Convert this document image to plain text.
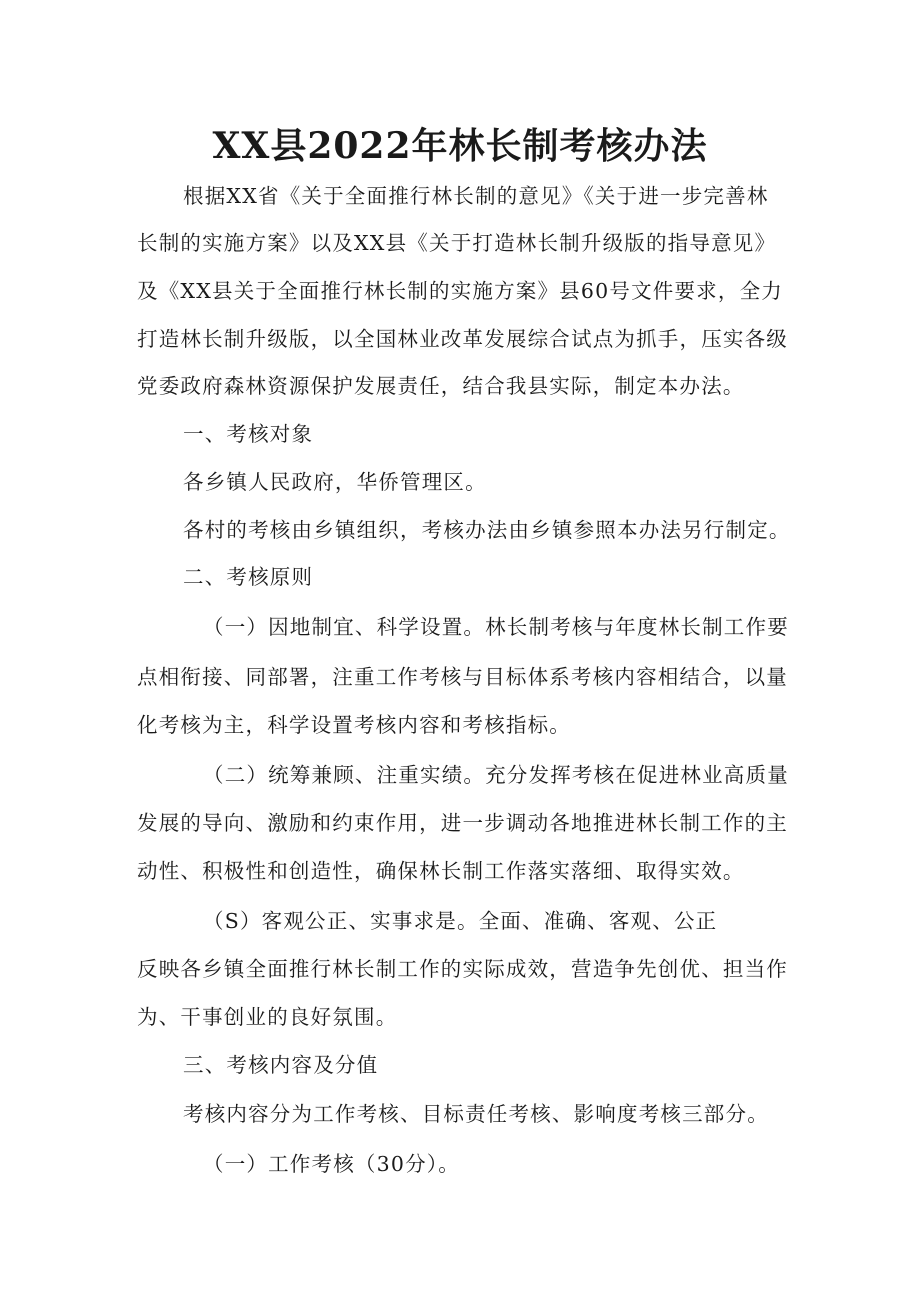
XX县2022年林长制考核办法

根据XX省《关于全面推行林长制的意见》《关于进一步完善林

长制的实施方案》以及XX县《关于打造林长制升级版的指导意见》

及《XX县关于全面推行林长制的实施方案》县60号文件要求，全力

打造林长制升级版，以全国林业改革发展综合试点为抓手，压实各级

党委政府森林资源保护发展责任，结合我县实际，制定本办法。

一、考核对象

各乡镇人民政府，华侨管理区。

各村的考核由乡镇组织，考核办法由乡镇参照本办法另行制定。

二、考核原则

（一）因地制宜、科学设置。林长制考核与年度林长制工作要

点相衔接、同部署，注重工作考核与目标体系考核内容相结合，以量

化考核为主，科学设置考核内容和考核指标。

（二）统筹兼顾、注重实绩。充分发挥考核在促进林业高质量

发展的导向、激励和约束作用，进一步调动各地推进林长制工作的主

动性、积极性和创造性，确保林长制工作落实落细、取得实效。

（S）客观公正、实事求是。全面、准确、客观、公正

反映各乡镇全面推行林长制工作的实际成效，营造争先创优、担当作

为、干事创业的良好氛围。

三、考核内容及分值

考核内容分为工作考核、目标责任考核、影响度考核三部分。

（一）工作考核（30分）。
